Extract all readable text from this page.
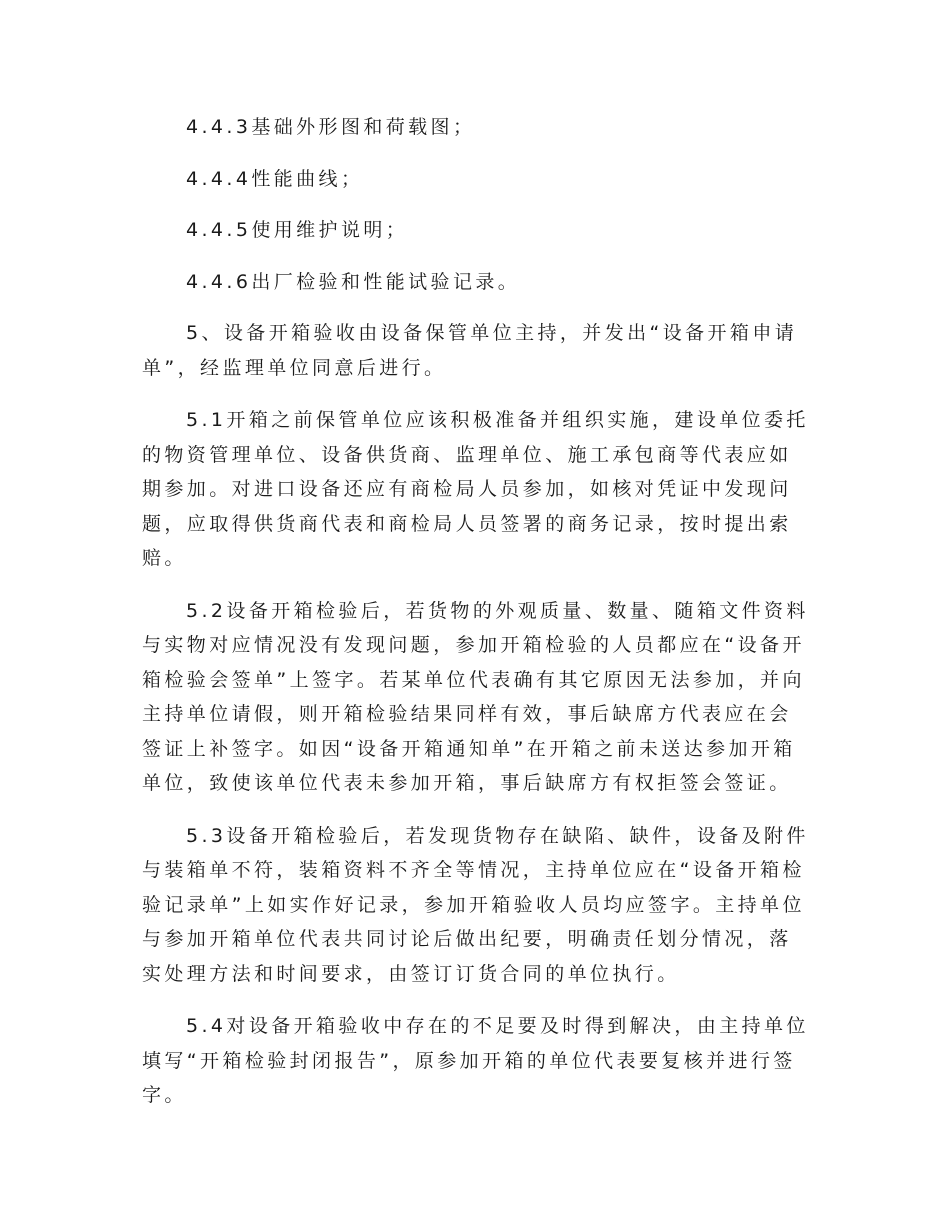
4.4.3基础外形图和荷载图；

4.4.4性能曲线；

4.4.5使用维护说明；

4.4.6出厂检验和性能试验记录。

5、设备开箱验收由设备保管单位主持，并发出“设备开箱申请单”，经监理单位同意后进行。

5.1开箱之前保管单位应该积极准备并组织实施，建设单位委托的物资管理单位、设备供货商、监理单位、施工承包商等代表应如期参加。对进口设备还应有商检局人员参加，如核对凭证中发现问题，应取得供货商代表和商检局人员签署的商务记录，按时提出索赔。

5.2设备开箱检验后，若货物的外观质量、数量、随箱文件资料与实物对应情况没有发现问题，参加开箱检验的人员都应在“设备开箱检验会签单”上签字。若某单位代表确有其它原因无法参加，并向主持单位请假，则开箱检验结果同样有效，事后缺席方代表应在会签证上补签字。如因“设备开箱通知单”在开箱之前未送达参加开箱单位，致使该单位代表未参加开箱，事后缺席方有权拒签会签证。

5.3设备开箱检验后，若发现货物存在缺陷、缺件，设备及附件与装箱单不符，装箱资料不齐全等情况，主持单位应在“设备开箱检验记录单”上如实作好记录，参加开箱验收人员均应签字。主持单位与参加开箱单位代表共同讨论后做出纪要，明确责任划分情况，落实处理方法和时间要求，由签订订货合同的单位执行。

5.4对设备开箱验收中存在的不足要及时得到解决，由主持单位填写“开箱检验封闭报告”，原参加开箱的单位代表要复核并进行签字。
